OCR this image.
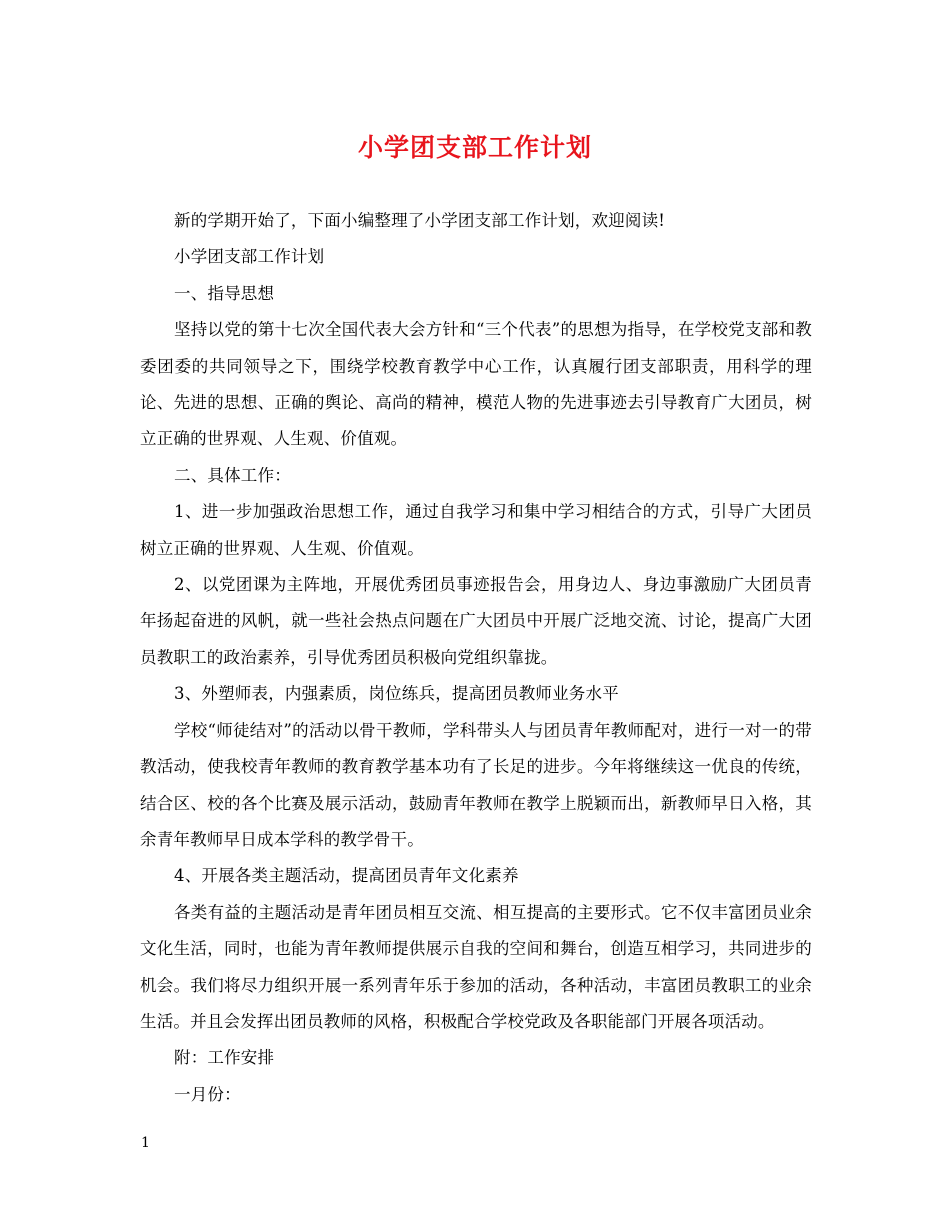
小学团支部工作计划

新的学期开始了，下面小编整理了小学团支部工作计划，欢迎阅读!

小学团支部工作计划

一、指导思想

坚持以党的第十七次全国代表大会方针和“三个代表”的思想为指导，在学校党支部和教委团委的共同领导之下，围绕学校教育教学中心工作，认真履行团支部职责，用科学的理论、先进的思想、正确的舆论、高尚的精神，模范人物的先进事迹去引导教育广大团员，树立正确的世界观、人生观、价值观。

二、具体工作：

1、进一步加强政治思想工作，通过自我学习和集中学习相结合的方式，引导广大团员树立正确的世界观、人生观、价值观。

2、以党团课为主阵地，开展优秀团员事迹报告会，用身边人、身边事激励广大团员青年扬起奋进的风帆，就一些社会热点问题在广大团员中开展广泛地交流、讨论，提高广大团员教职工的政治素养，引导优秀团员积极向党组织靠拢。

3、外塑师表，内强素质，岗位练兵，提高团员教师业务水平

学校“师徒结对”的活动以骨干教师，学科带头人与团员青年教师配对，进行一对一的带教活动，使我校青年教师的教育教学基本功有了长足的进步。今年将继续这一优良的传统，结合区、校的各个比赛及展示活动，鼓励青年教师在教学上脱颖而出，新教师早日入格，其余青年教师早日成本学科的教学骨干。

4、开展各类主题活动，提高团员青年文化素养

各类有益的主题活动是青年团员相互交流、相互提高的主要形式。它不仅丰富团员业余文化生活，同时，也能为青年教师提供展示自我的空间和舞台，创造互相学习，共同进步的机会。我们将尽力组织开展一系列青年乐于参加的活动，各种活动，丰富团员教职工的业余生活。并且会发挥出团员教师的风格，积极配合学校党政及各职能部门开展各项活动。

附：工作安排

一月份：

1
